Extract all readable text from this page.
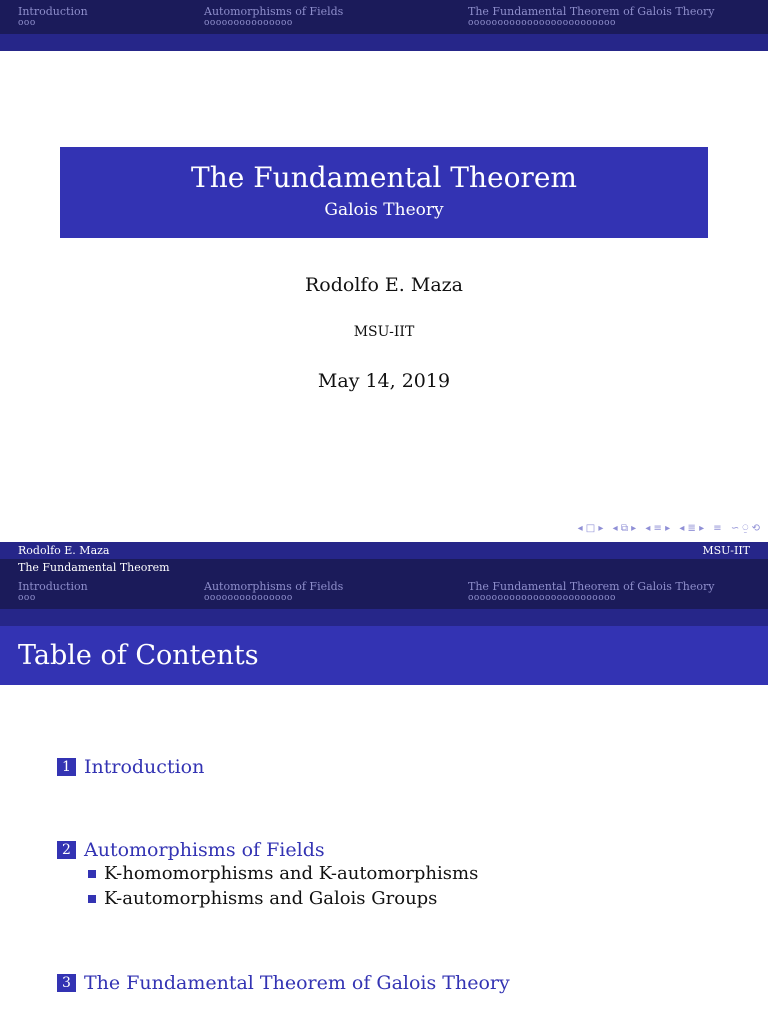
Introduction
ooo
Automorphisms of Fields
ooooooooooooooo
The Fundamental Theorem of Galois Theory
ooooooooooooooooooooooooo
The Fundamental Theorem
Galois Theory
Rodolfo E. Maza
MSU-IIT
May 14, 2019
◂ □ ▸ ◂ ⧉ ▸ ◂ ≡ ▸ ◂ ≣ ▸ ≡ ∽ ⍜ ⟲
Rodolfo E. Maza	MSU-IIT
The Fundamental Theorem
Introduction
ooo
Automorphisms of Fields
ooooooooooooooo
The Fundamental Theorem of Galois Theory
ooooooooooooooooooooooooo
Table of Contents
1 Introduction
2 Automorphisms of Fields
K-homomorphisms and K-automorphisms
K-automorphisms and Galois Groups
3 The Fundamental Theorem of Galois Theory
